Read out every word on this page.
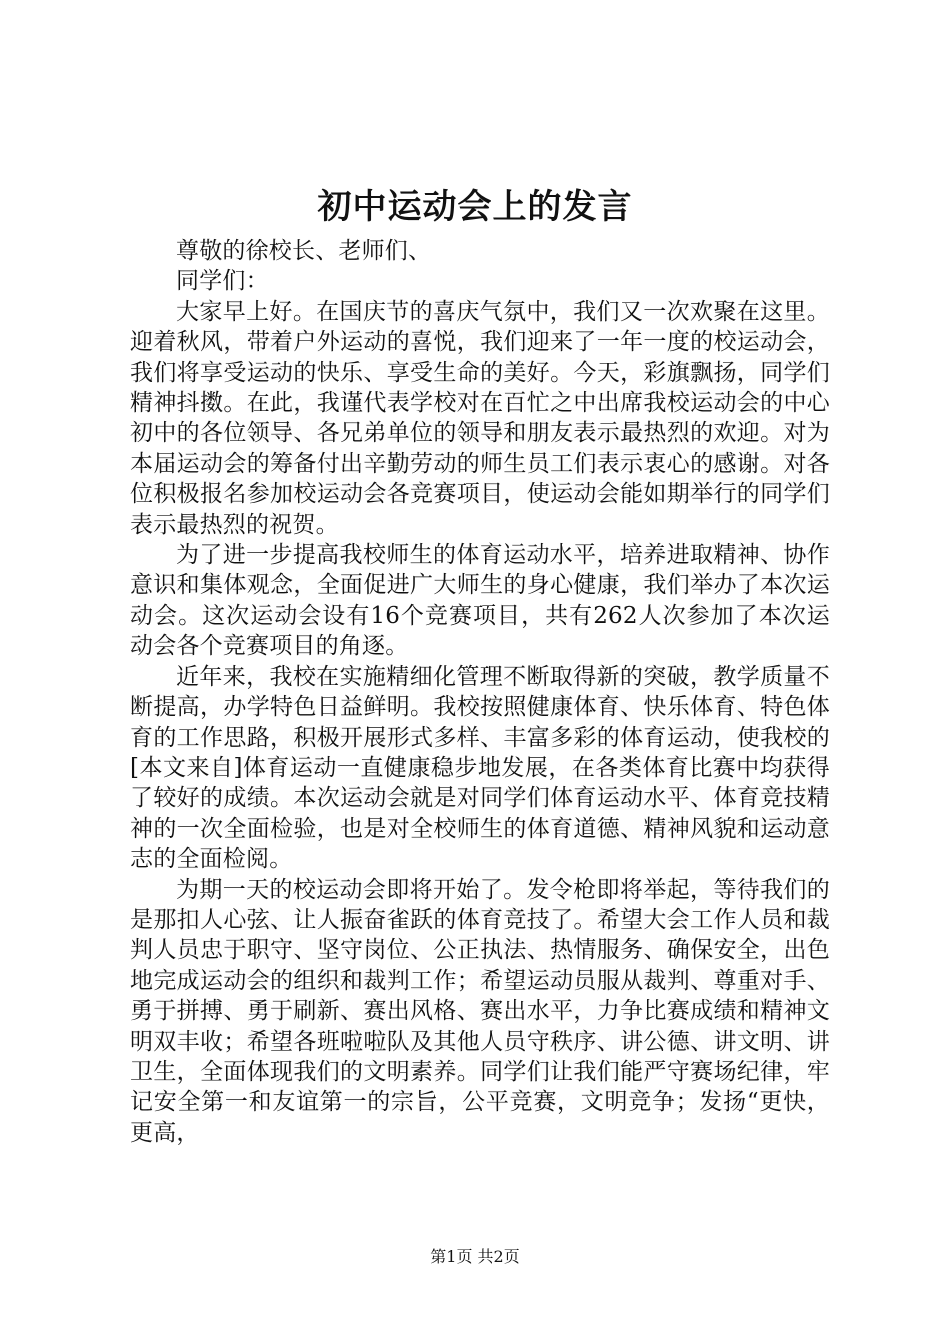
初中运动会上的发言

尊敬的徐校长、老师们、

同学们：

大家早上好。在国庆节的喜庆气氛中，我们又一次欢聚在这里。迎着秋风，带着户外运动的喜悦，我们迎来了一年一度的校运动会，我们将享受运动的快乐、享受生命的美好。今天，彩旗飘扬，同学们精神抖擞。在此，我谨代表学校对在百忙之中出席我校运动会的中心初中的各位领导、各兄弟单位的领导和朋友表示最热烈的欢迎。对为本届运动会的筹备付出辛勤劳动的师生员工们表示衷心的感谢。对各位积极报名参加校运动会各竞赛项目，使运动会能如期举行的同学们表示最热烈的祝贺。

为了进一步提高我校师生的体育运动水平，培养进取精神、协作意识和集体观念，全面促进广大师生的身心健康，我们举办了本次运动会。这次运动会设有16个竞赛项目，共有262人次参加了本次运动会各个竞赛项目的角逐。

近年来，我校在实施精细化管理不断取得新的突破，教学质量不断提高，办学特色日益鲜明。我校按照健康体育、快乐体育、特色体育的工作思路，积极开展形式多样、丰富多彩的体育运动，使我校的[本文来自]体育运动一直健康稳步地发展，在各类体育比赛中均获得了较好的成绩。本次运动会就是对同学们体育运动水平、体育竞技精神的一次全面检验，也是对全校师生的体育道德、精神风貌和运动意志的全面检阅。

为期一天的校运动会即将开始了。发令枪即将举起，等待我们的是那扣人心弦、让人振奋雀跃的体育竞技了。希望大会工作人员和裁判人员忠于职守、坚守岗位、公正执法、热情服务、确保安全，出色地完成运动会的组织和裁判工作；希望运动员服从裁判、尊重对手、勇于拼搏、勇于刷新、赛出风格、赛出水平，力争比赛成绩和精神文明双丰收；希望各班啦啦队及其他人员守秩序、讲公德、讲文明、讲卫生，全面体现我们的文明素养。同学们让我们能严守赛场纪律，牢记安全第一和友谊第一的宗旨，公平竞赛，文明竞争；发扬“更快，更高，

第1页 共2页
